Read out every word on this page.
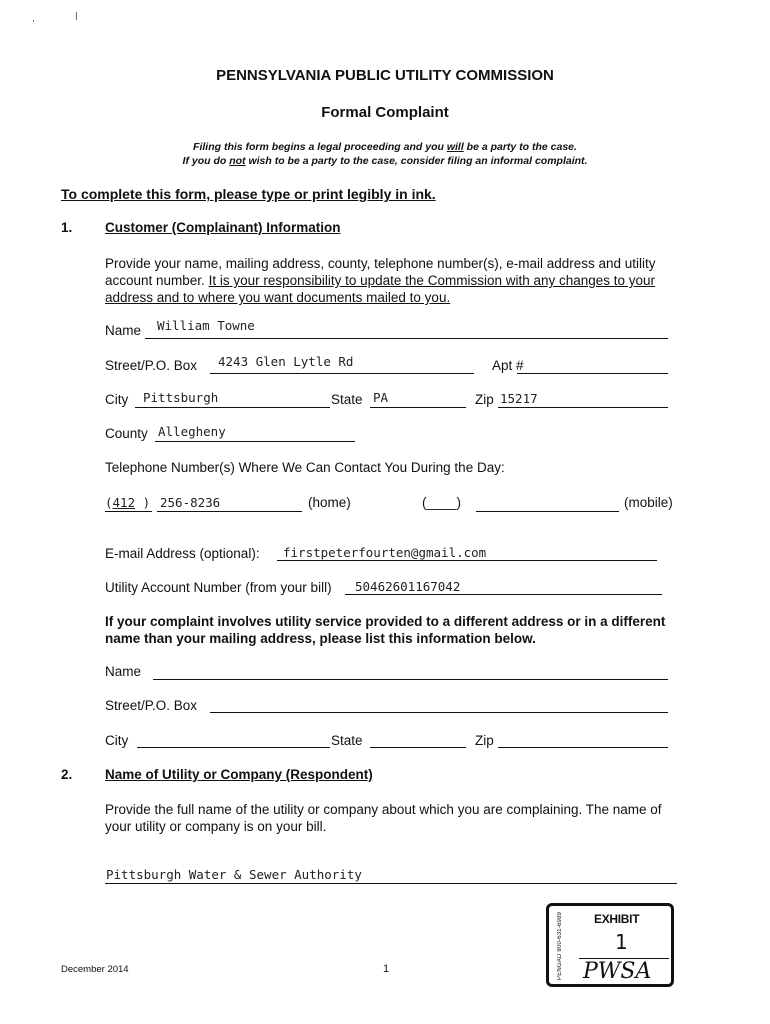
PENNSYLVANIA PUBLIC UTILITY COMMISSION
Formal Complaint
Filing this form begins a legal proceeding and you will be a party to the case.
If you do not wish to be a party to the case, consider filing an informal complaint.
To complete this form, please type or print legibly in ink.
1. Customer (Complainant) Information
Provide your name, mailing address, county, telephone number(s), e-mail address and utility
account number. It is your responsibility to update the Commission with any changes to your
address and to where you want documents mailed to you.
Name William Towne
Street/P.O. Box 4243 Glen Lytle Rd	Apt #
City Pittsburgh	State PA	Zip 15217
County Allegheny
Telephone Number(s) Where We Can Contact You During the Day:
(412 ) 256-8236	(home)	(____)	(mobile)
E-mail Address (optional): firstpeterfourten@gmail.com
Utility Account Number (from your bill) 50462601167042
If your complaint involves utility service provided to a different address or in a different
name than your mailing address, please list this information below.
Name
Street/P.O. Box
City	State	Zip
2. Name of Utility or Company (Respondent)
Provide the full name of the utility or company about which you are complaining. The name of
your utility or company is on your bill.
Pittsburgh Water & Sewer Authority
December 2014	1	PENGAD 800-631-6989	EXHIBIT
1
PWSA
